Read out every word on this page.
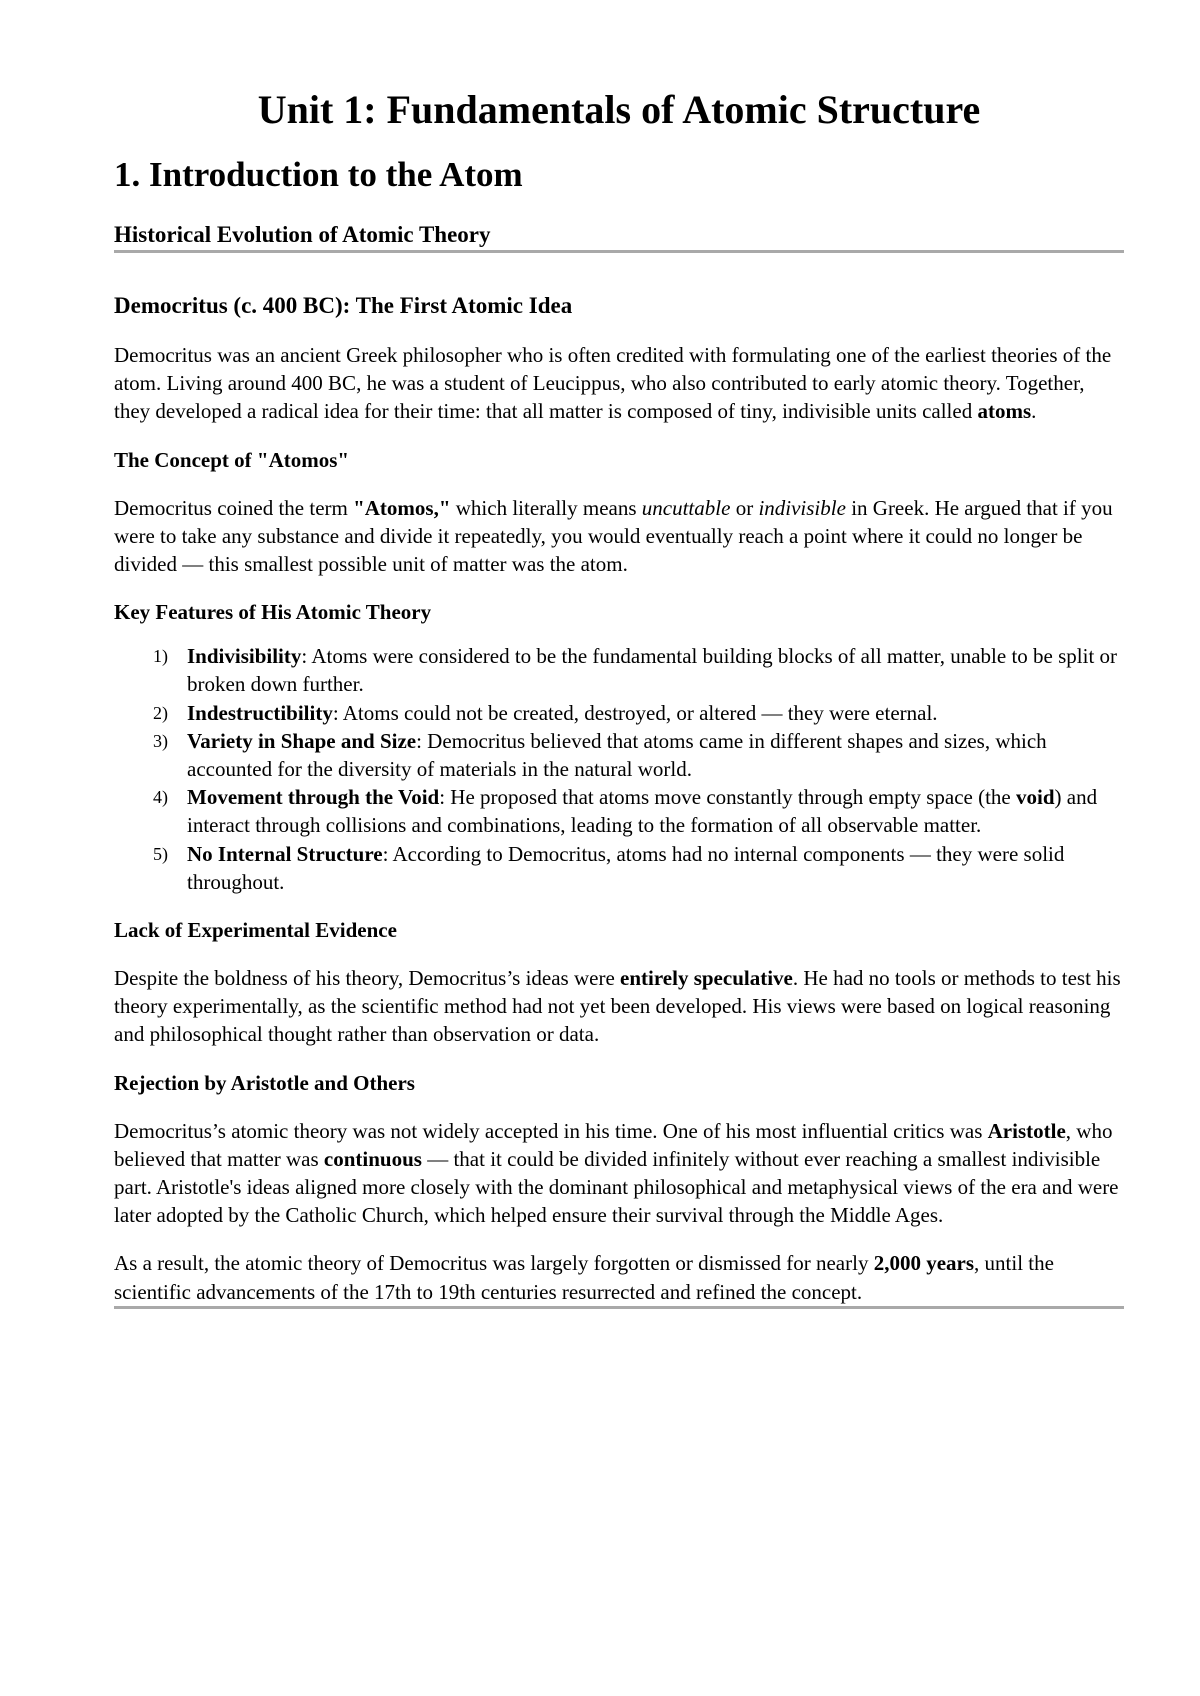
Unit 1: Fundamentals of Atomic Structure
1. Introduction to the Atom
Historical Evolution of Atomic Theory
Democritus (c. 400 BC): The First Atomic Idea

Democritus was an ancient Greek philosopher who is often credited with formulating one of the earliest theories of the atom. Living around 400 BC, he was a student of Leucippus, who also contributed to early atomic theory. Together, they developed a radical idea for their time: that all matter is composed of tiny, indivisible units called atoms.

The Concept of "Atomos"

Democritus coined the term "Atomos," which literally means uncuttable or indivisible in Greek. He argued that if you were to take any substance and divide it repeatedly, you would eventually reach a point where it could no longer be divided — this smallest possible unit of matter was the atom.

Key Features of His Atomic Theory
1) Indivisibility: Atoms were considered to be the fundamental building blocks of all matter, unable to be split or broken down further.
2) Indestructibility: Atoms could not be created, destroyed, or altered — they were eternal.
3) Variety in Shape and Size: Democritus believed that atoms came in different shapes and sizes, which accounted for the diversity of materials in the natural world.
4) Movement through the Void: He proposed that atoms move constantly through empty space (the void) and interact through collisions and combinations, leading to the formation of all observable matter.
5) No Internal Structure: According to Democritus, atoms had no internal components — they were solid throughout.
Lack of Experimental Evidence

Despite the boldness of his theory, Democritus’s ideas were entirely speculative. He had no tools or methods to test his theory experimentally, as the scientific method had not yet been developed. His views were based on logical reasoning and philosophical thought rather than observation or data.

Rejection by Aristotle and Others

Democritus’s atomic theory was not widely accepted in his time. One of his most influential critics was Aristotle, who believed that matter was continuous — that it could be divided infinitely without ever reaching a smallest indivisible part. Aristotle's ideas aligned more closely with the dominant philosophical and metaphysical views of the era and were later adopted by the Catholic Church, which helped ensure their survival through the Middle Ages.

As a result, the atomic theory of Democritus was largely forgotten or dismissed for nearly 2,000 years, until the scientific advancements of the 17th to 19th centuries resurrected and refined the concept.
